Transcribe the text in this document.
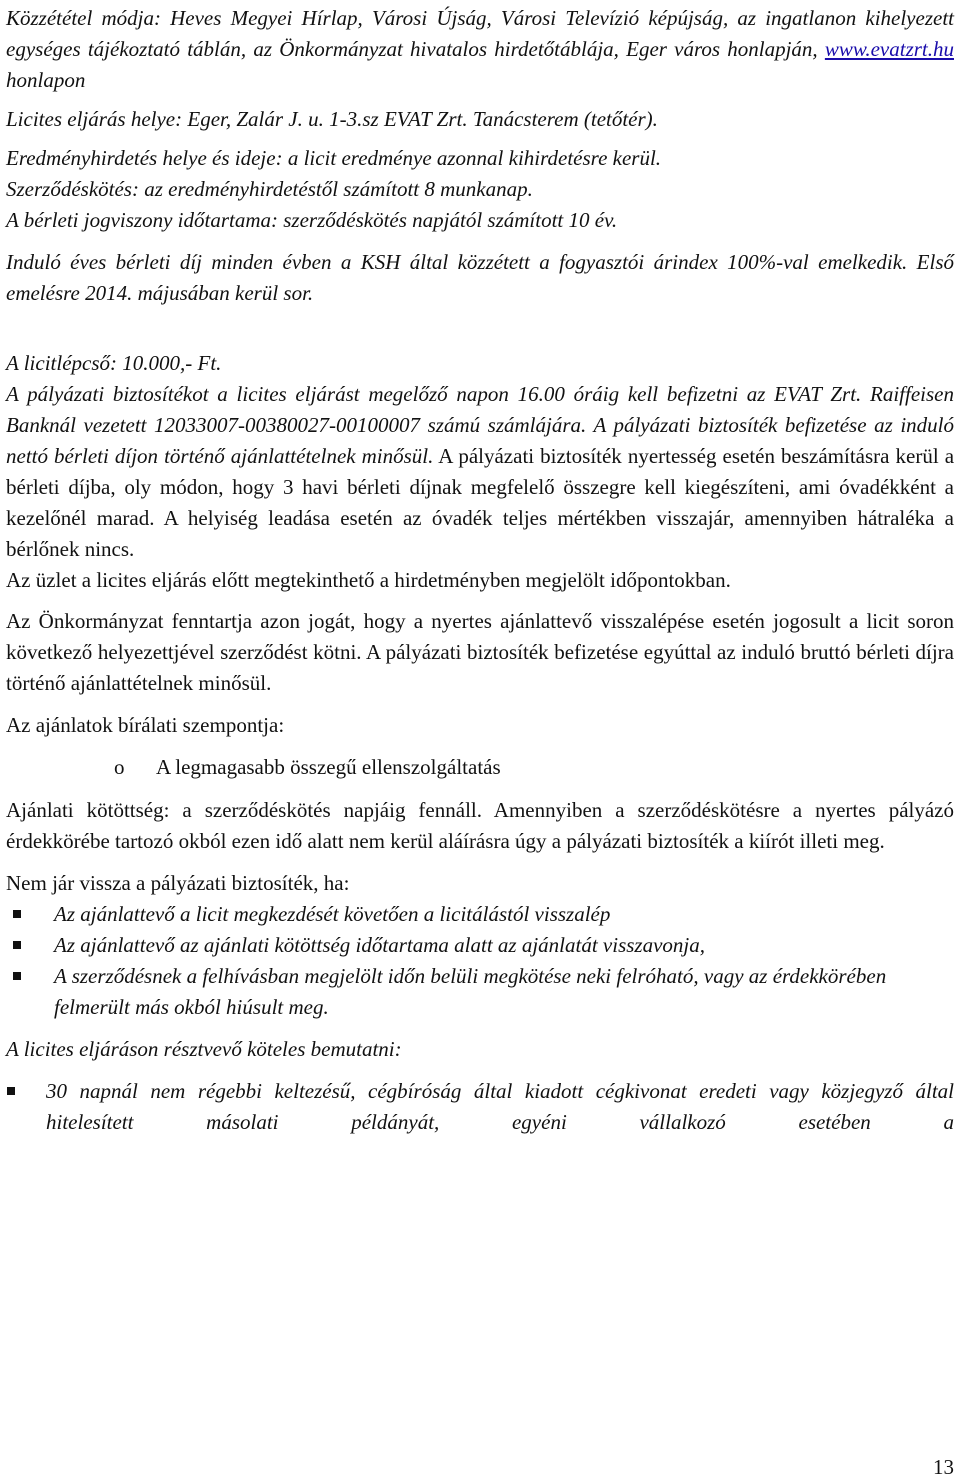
Közzététel módja: Heves Megyei Hírlap, Városi Újság, Városi Televízió képújság, az ingatlanon kihelyezett egységes tájékoztató táblán, az Önkormányzat hivatalos hirdetőtáblája, Eger város honlapján, www.evatzrt.hu honlapon

Licites eljárás helye: Eger, Zalár J. u. 1-3.sz EVAT Zrt. Tanácsterem (tetőtér).

Eredményhirdetés helye és ideje: a licit eredménye azonnal kihirdetésre kerül.

Szerződéskötés: az eredményhirdetéstől számított 8 munkanap.

A bérleti jogviszony időtartama: szerződéskötés napjától számított 10 év.

Induló éves bérleti díj minden évben a KSH által közzétett a fogyasztói árindex 100%-val emelkedik. Első emelésre 2014. májusában kerül sor.

A licitlépcső: 10.000,- Ft.

A pályázati biztosítékot a licites eljárást megelőző napon 16.00 óráig kell befizetni az EVAT Zrt. Raiffeisen Banknál vezetett 12033007-00380027-00100007 számú számlájára. A pályázati biztosíték befizetése az induló nettó bérleti díjon történő ajánlattételnek minősül. A pályázati biztosíték nyertesség esetén beszámításra kerül a bérleti díjba, oly módon, hogy 3 havi bérleti díjnak megfelelő összegre kell kiegészíteni, ami óvadékként a kezelőnél marad. A helyiség leadása esetén az óvadék teljes mértékben visszajár, amennyiben hátraléka a bérlőnek nincs.

Az üzlet a licites eljárás előtt megtekinthető a hirdetményben megjelölt időpontokban.

Az Önkormányzat fenntartja azon jogát, hogy a nyertes ajánlattevő visszalépése esetén jogosult a licit soron következő helyezettjével szerződést kötni. A pályázati biztosíték befizetése egyúttal az induló bruttó bérleti díjra történő ajánlattételnek minősül.

Az ajánlatok bírálati szempontja:

o	A legmagasabb összegű ellenszolgáltatás

Ajánlati kötöttség: a szerződéskötés napjáig fennáll. Amennyiben a szerződéskötésre a nyertes pályázó érdekkörébe tartozó okból ezen idő alatt nem kerül aláírásra úgy a pályázati biztosíték a kiírót illeti meg.

Nem jár vissza a pályázati biztosíték, ha:

Az ajánlattevő a licit megkezdését követően a licitálástól visszalép

Az ajánlattevő az ajánlati kötöttség időtartama alatt az ajánlatát visszavonja,

A szerződésnek a felhívásban megjelölt időn belüli megkötése neki felróható, vagy az érdekkörében felmerült más okból hiúsult meg.

A licites eljáráson résztvevő köteles bemutatni:

30 napnál nem régebbi keltezésű, cégbíróság által kiadott cégkivonat eredeti vagy közjegyző által hitelesített másolati példányát, egyéni vállalkozó esetében a

13
